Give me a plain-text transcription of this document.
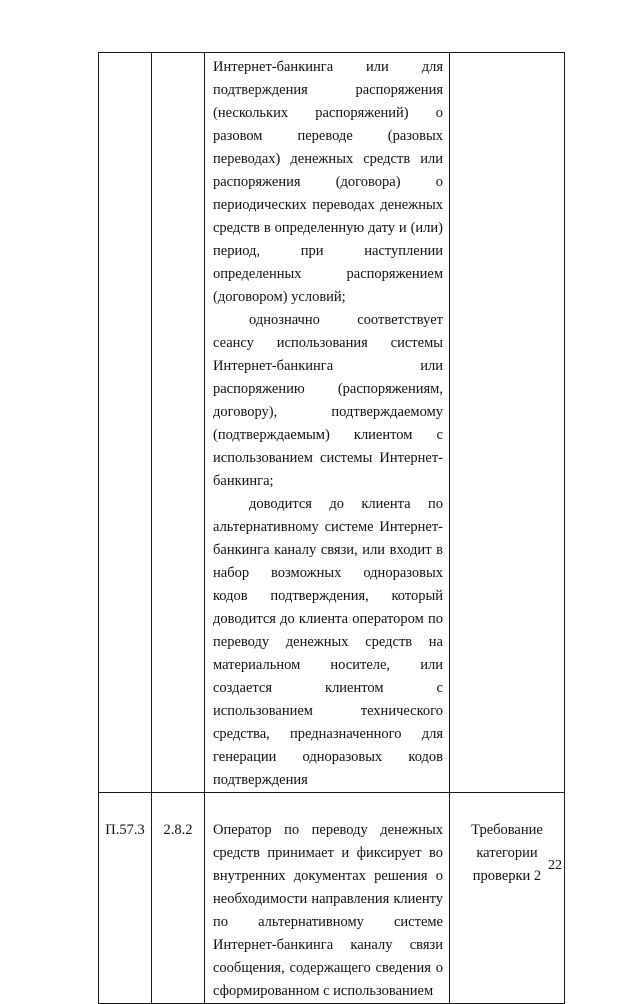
		Интернет-банкинга или для подтверждения распоряжения (нескольких распоряжений) о разовом переводе (разовых переводах) денежных средств или распоряжения (договора) о периодических переводах денежных средств в определенную дату и (или) период, при наступлении определенных распоряжением (договором) условий;

однозначно соответствует сеансу использования системы Интернет-банкинга или распоряжению (распоряжениям, договору), подтверждаемому (подтверждаемым) клиентом с использованием системы Интернет-банкинга;

доводится до клиента по альтернативному системе Интернет-банкинга каналу связи, или входит в набор возможных одноразовых кодов подтверждения, который доводится до клиента оператором по переводу денежных средств на материальном носителе, или создается клиентом с использованием технического средства, предназначенного для генерации одноразовых кодов подтверждения	

П.57.3	2.8.2	Оператор по переводу денежных средств принимает и фиксирует во внутренних документах решения о необходимости направления клиенту по альтернативному системе Интернет-банкинга каналу связи сообщения, содержащего сведения о сформированном с использованием	Требование категории проверки 2
22
